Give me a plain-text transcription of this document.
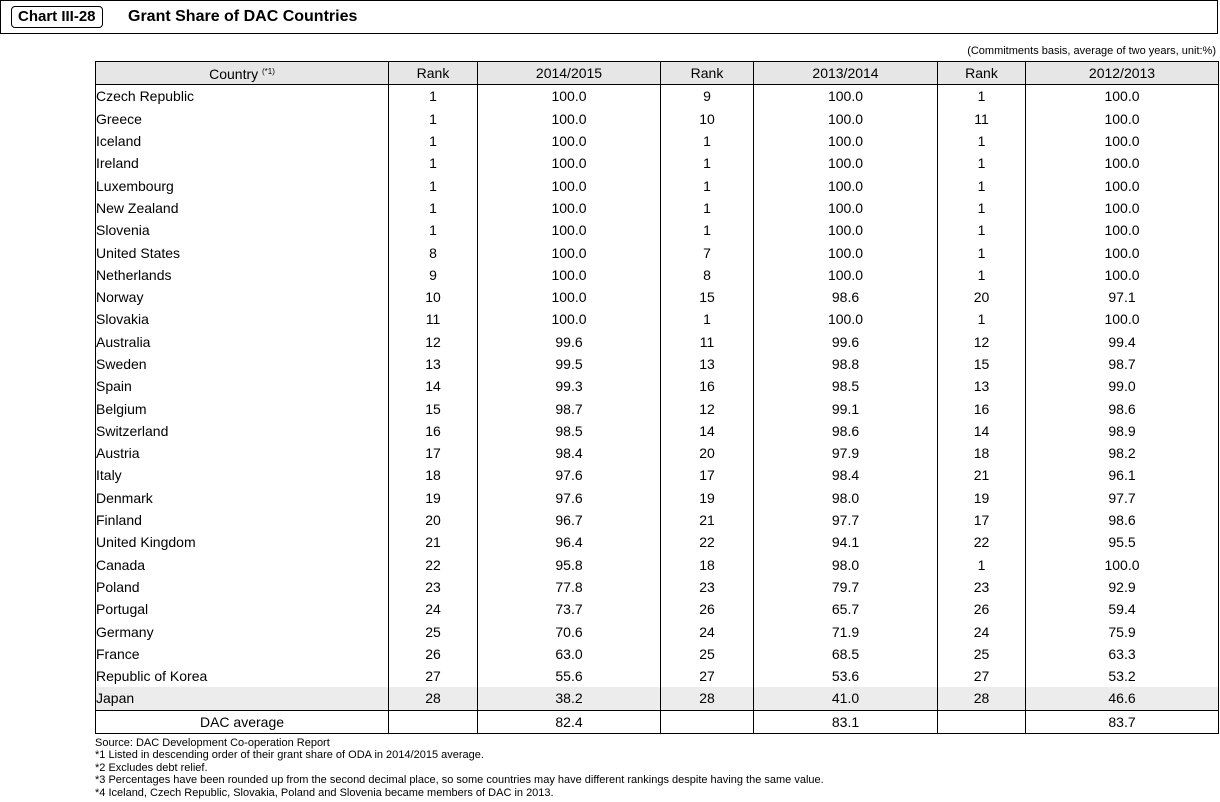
Chart III-28	Grant Share of DAC Countries
(Commitments basis, average of two years, unit:%)
Country $^{(*1)}$	Rank	2014/2015	Rank	2013/2014	Rank	2012/2013
Czech Republic	1	100.0	9	100.0	1	100.0
Greece	1	100.0	10	100.0	11	100.0
Iceland	1	100.0	1	100.0	1	100.0
Ireland	1	100.0	1	100.0	1	100.0
Luxembourg	1	100.0	1	100.0	1	100.0
New Zealand	1	100.0	1	100.0	1	100.0
Slovenia	1	100.0	1	100.0	1	100.0
United States	8	100.0	7	100.0	1	100.0
Netherlands	9	100.0	8	100.0	1	100.0
Norway	10	100.0	15	98.6	20	97.1
Slovakia	11	100.0	1	100.0	1	100.0
Australia	12	99.6	11	99.6	12	99.4
Sweden	13	99.5	13	98.8	15	98.7
Spain	14	99.3	16	98.5	13	99.0
Belgium	15	98.7	12	99.1	16	98.6
Switzerland	16	98.5	14	98.6	14	98.9
Austria	17	98.4	20	97.9	18	98.2
Italy	18	97.6	17	98.4	21	96.1
Denmark	19	97.6	19	98.0	19	97.7
Finland	20	96.7	21	97.7	17	98.6
United Kingdom	21	96.4	22	94.1	22	95.5
Canada	22	95.8	18	98.0	1	100.0
Poland	23	77.8	23	79.7	23	92.9
Portugal	24	73.7	26	65.7	26	59.4
Germany	25	70.6	24	71.9	24	75.9
France	26	63.0	25	68.5	25	63.3
Republic of Korea	27	55.6	27	53.6	27	53.2
Japan	28	38.2	28	41.0	28	46.6
DAC average		82.4		83.1		83.7
Source: DAC Development Co-operation Report
*1 Listed in descending order of their grant share of ODA in 2014/2015 average.
*2 Excludes debt relief.
*3 Percentages have been rounded up from the second decimal place, so some countries may have different rankings despite having the same value.
*4 Iceland, Czech Republic, Slovakia, Poland and Slovenia became members of DAC in 2013.
